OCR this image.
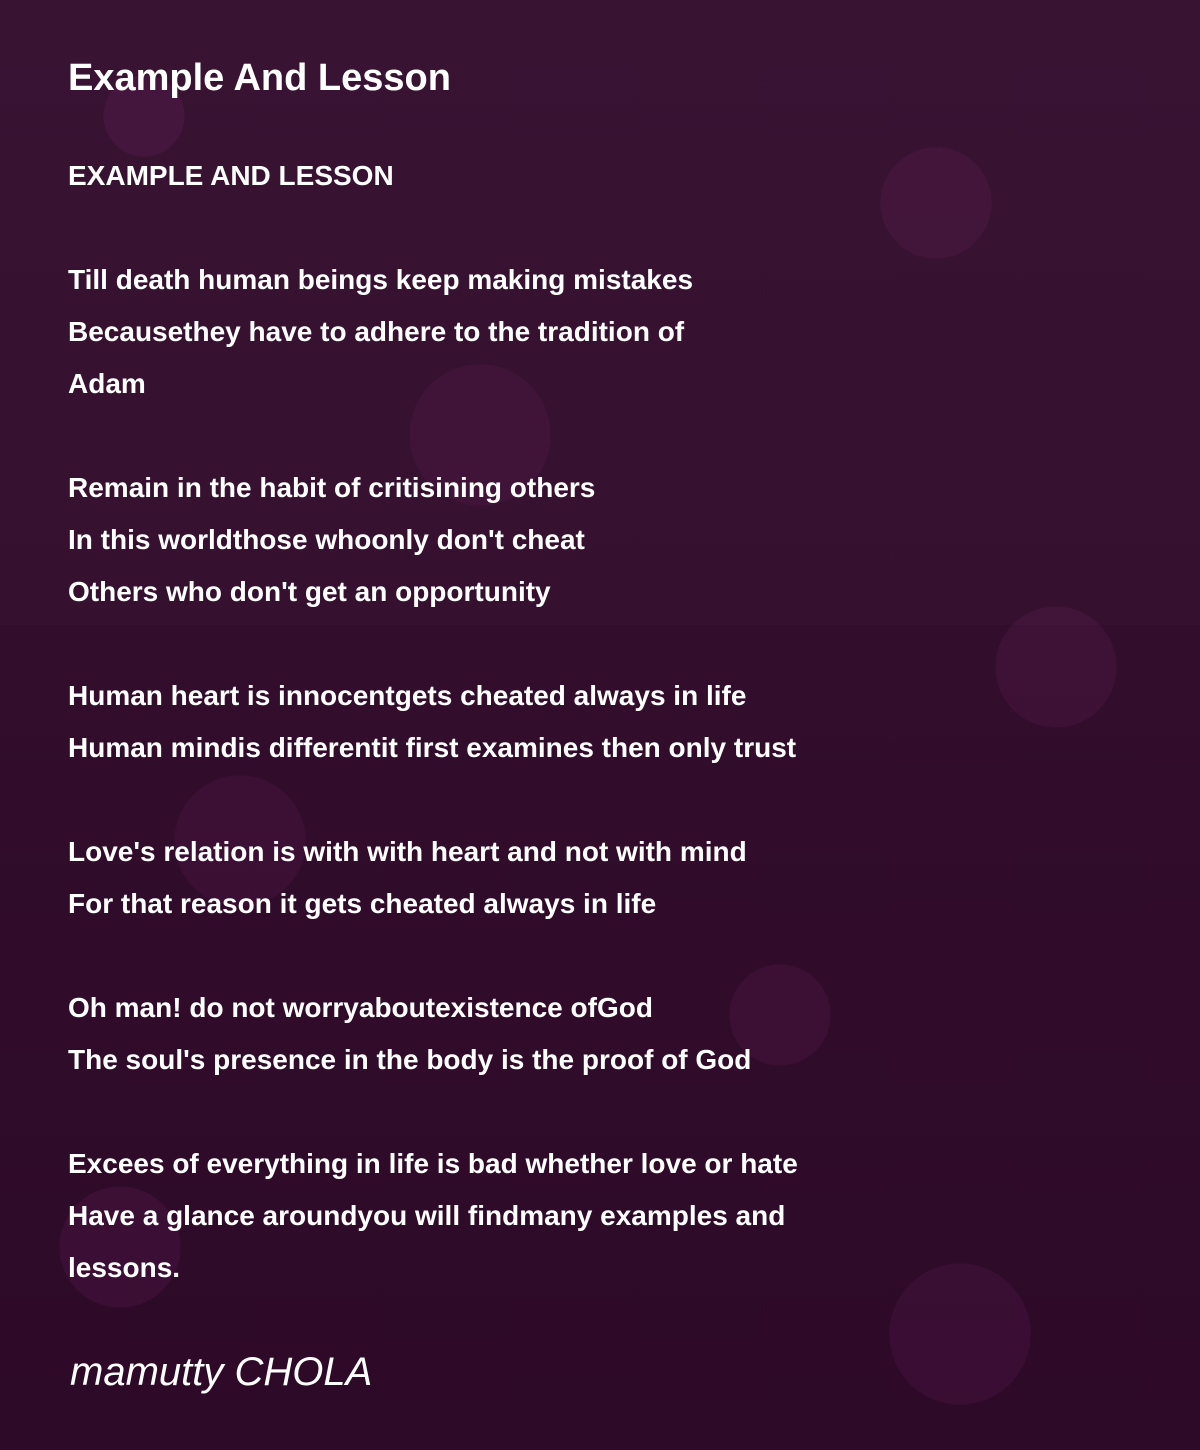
Example And Lesson
EXAMPLE AND LESSON
Till death human beings keep making mistakes
Becausethey have to adhere to the tradition of
Adam
Remain in the habit of critisining others
In this worldthose whoonly don't cheat
Others who don't get an opportunity
Human heart is innocentgets cheated always in life
Human mindis differentit first examines then only trust
Love's relation is with with heart and not with mind
For that reason it gets cheated always in life
Oh man! do not worryaboutexistence ofGod
The soul's presence in the body is the proof of God
Excees of everything in life is bad whether love or hate
Have a glance aroundyou will findmany examples and
lessons.

mamutty CHOLA
